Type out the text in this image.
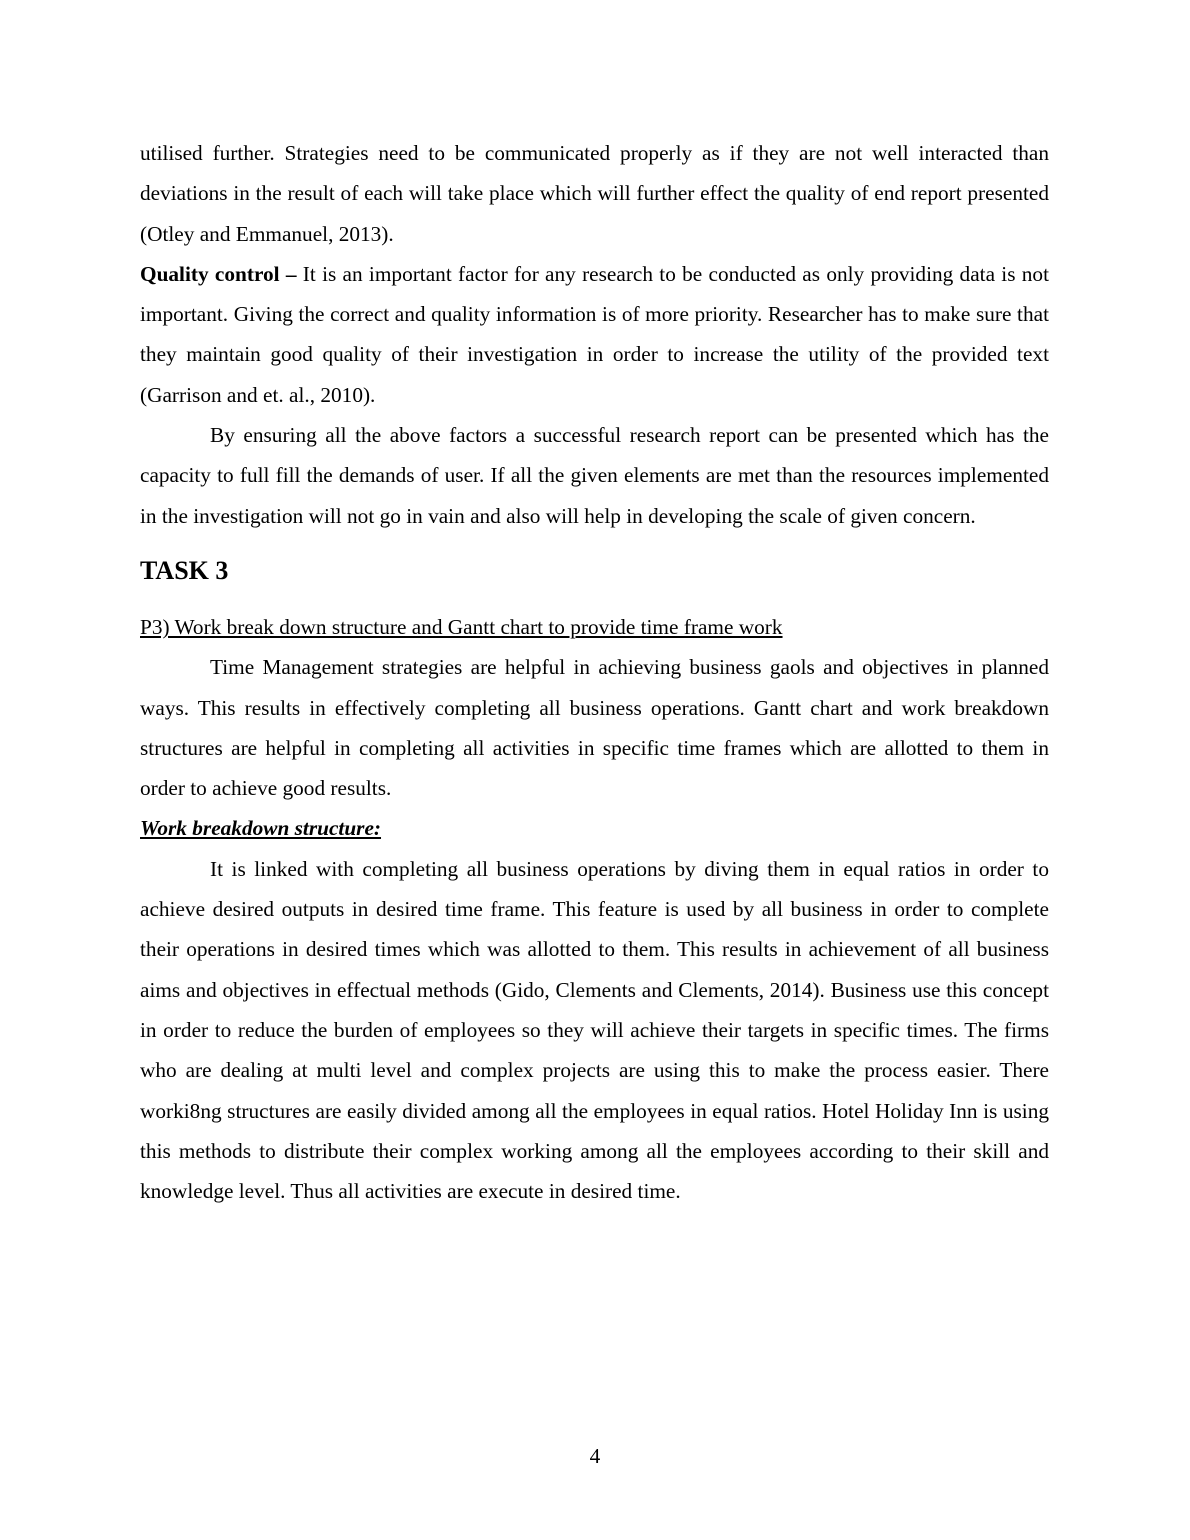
utilised further. Strategies need to be communicated properly as if they are not well interacted than deviations in the result of each will take place which will further effect the quality of end report presented (Otley and Emmanuel, 2013).

Quality control – It is an important factor for any research to be conducted as only providing data is not important. Giving the correct and quality information is of more priority. Researcher has to make sure that they maintain good quality of their investigation in order to increase the utility of the provided text (Garrison and et. al., 2010).

By ensuring all the above factors a successful research report can be presented which has the capacity to full fill the demands of user. If all the given elements are met than the resources implemented in the investigation will not go in vain and also will help in developing the scale of given concern.

TASK 3

P3) Work break down structure and Gantt chart to provide time frame work

Time Management strategies are helpful in achieving business gaols and objectives in planned ways. This results in effectively completing all business operations. Gantt chart and work breakdown structures are helpful in completing all activities in specific time frames which are allotted to them in order to achieve good results.

Work breakdown structure:

It is linked with completing all business operations by diving them in equal ratios in order to achieve desired outputs in desired time frame. This feature is used by all business in order to complete their operations in desired times which was allotted to them. This results in achievement of all business aims and objectives in effectual methods (Gido, Clements and Clements, 2014). Business use this concept in order to reduce the burden of employees so they will achieve their targets in specific times. The firms who are dealing at multi level and complex projects are using this to make the process easier. There worki8ng structures are easily divided among all the employees in equal ratios. Hotel Holiday Inn is using this methods to distribute their complex working among all the employees according to their skill and knowledge level. Thus all activities are execute in desired time.

4
